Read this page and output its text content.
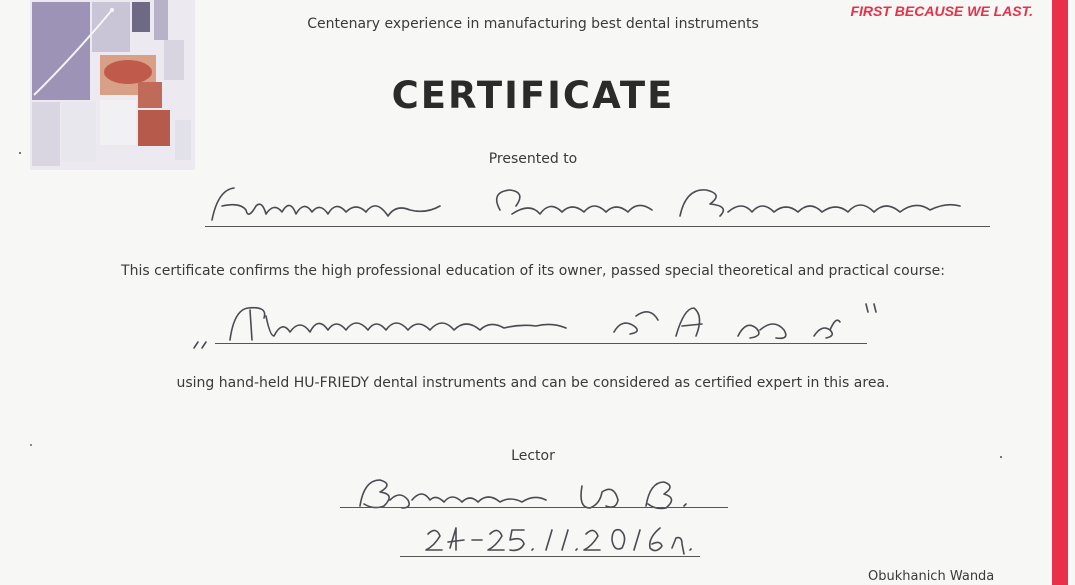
FIRST BECAUSE WE LAST.
Centenary experience in manufacturing best dental instruments
CERTIFICATE
Presented to
This certificate confirms the high professional education of its owner, passed special theoretical and practical course:
using hand-held HU-FRIEDY dental instruments and can be considered as certified expert in this area.
Lector
Obukhanich Wanda
